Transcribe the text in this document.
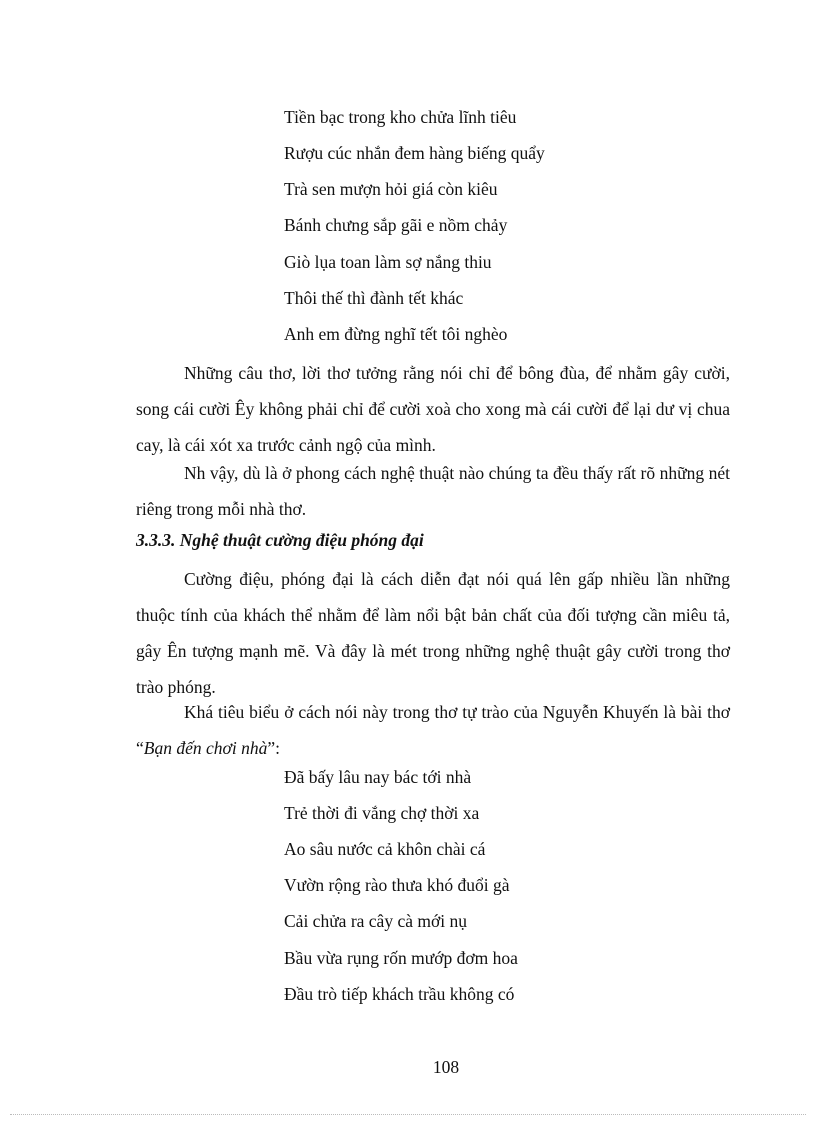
Tiền bạc trong kho chửa lĩnh tiêu
Rượu cúc nhắn đem hàng biếng quẩy
Trà sen mượn hỏi giá còn kiêu
Bánh chưng sắp gãi e nồm chảy
Giò lụa toan làm sợ nắng thiu
Thôi thế thì đành tết khác
Anh em đừng nghĩ tết tôi nghèo

Những câu thơ, lời thơ tưởng rằng nói chỉ để bông đùa, để nhằm gây cười, song cái cười Êy không phải chỉ để cười xoà cho xong mà cái cười để lại dư vị chua cay, là cái xót xa trước cảnh ngộ của mình.

Nh vậy, dù là ở phong cách nghệ thuật nào chúng ta đều thấy rất rõ những nét riêng trong mỗi nhà thơ.

3.3.3. Nghệ thuật cường điệu phóng đại

Cường điệu, phóng đại là cách diễn đạt nói quá lên gấp nhiều lần những thuộc tính của khách thể nhằm để làm nổi bật bản chất của đối tượng cần miêu tả, gây Ên tượng mạnh mẽ. Và đây là mét trong những nghệ thuật gây cười trong thơ trào phóng.

Khá tiêu biểu ở cách nói này trong thơ tự trào của Nguyễn Khuyến là bài thơ “Bạn đến chơi nhà”:

Đã bấy lâu nay bác tới nhà
Trẻ thời đi vắng chợ thời xa
Ao sâu nước cả khôn chài cá
Vườn rộng rào thưa khó đuổi gà
Cải chửa ra cây cà mới nụ
Bầu vừa rụng rốn mướp đơm hoa
Đầu trò tiếp khách trầu không có
108
